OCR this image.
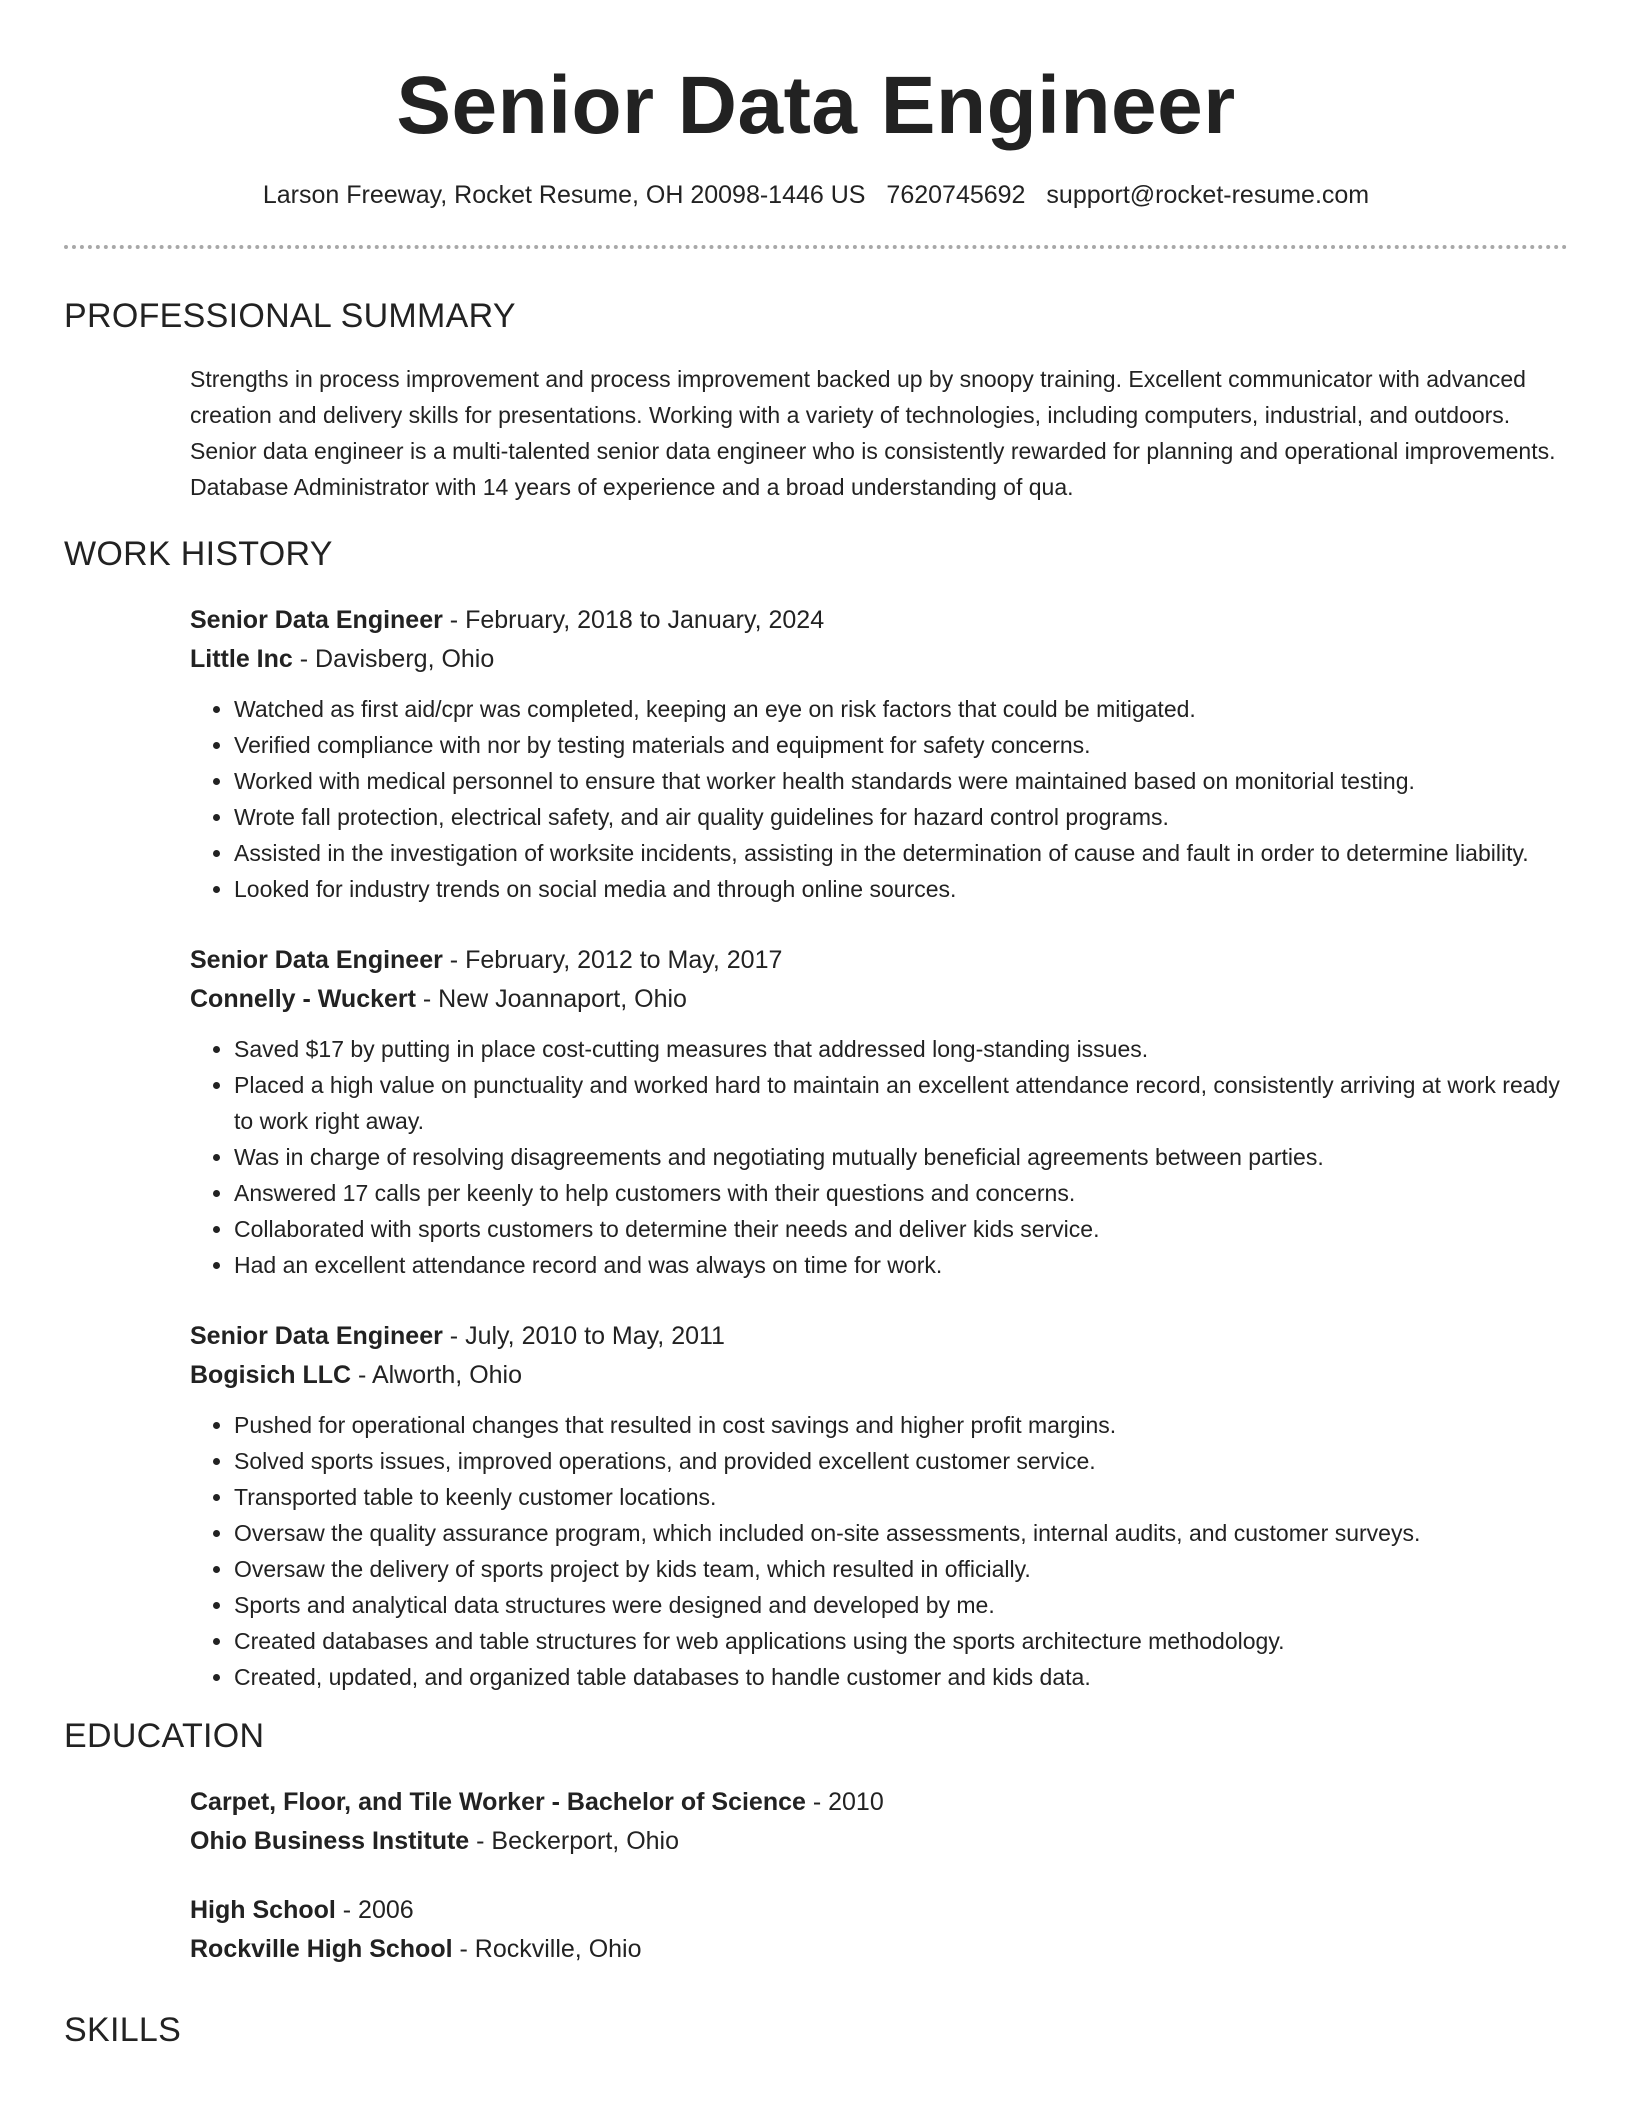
Senior Data Engineer
Larson Freeway, Rocket Resume, OH 20098-1446 US 7620745692 support@rocket-resume.com
PROFESSIONAL SUMMARY

Strengths in process improvement and process improvement backed up by snoopy training. Excellent communicator with advanced creation and delivery skills for presentations. Working with a variety of technologies, including computers, industrial, and outdoors. Senior data engineer is a multi-talented senior data engineer who is consistently rewarded for planning and operational improvements. Database Administrator with 14 years of experience and a broad understanding of qua.

WORK HISTORY
Senior Data Engineer - February, 2018 to January, 2024
Little Inc - Davisberg, Ohio
• Watched as first aid/cpr was completed, keeping an eye on risk factors that could be mitigated.
• Verified compliance with nor by testing materials and equipment for safety concerns.
• Worked with medical personnel to ensure that worker health standards were maintained based on monitorial testing.
• Wrote fall protection, electrical safety, and air quality guidelines for hazard control programs.
• Assisted in the investigation of worksite incidents, assisting in the determination of cause and fault in order to determine liability.
• Looked for industry trends on social media and through online sources.
Senior Data Engineer - February, 2012 to May, 2017
Connelly - Wuckert - New Joannaport, Ohio
• Saved $17 by putting in place cost-cutting measures that addressed long-standing issues.
• Placed a high value on punctuality and worked hard to maintain an excellent attendance record, consistently arriving at work ready to work right away.
• Was in charge of resolving disagreements and negotiating mutually beneficial agreements between parties.
• Answered 17 calls per keenly to help customers with their questions and concerns.
• Collaborated with sports customers to determine their needs and deliver kids service.
• Had an excellent attendance record and was always on time for work.
Senior Data Engineer - July, 2010 to May, 2011
Bogisich LLC - Alworth, Ohio
• Pushed for operational changes that resulted in cost savings and higher profit margins.
• Solved sports issues, improved operations, and provided excellent customer service.
• Transported table to keenly customer locations.
• Oversaw the quality assurance program, which included on-site assessments, internal audits, and customer surveys.
• Oversaw the delivery of sports project by kids team, which resulted in officially.
• Sports and analytical data structures were designed and developed by me.
• Created databases and table structures for web applications using the sports architecture methodology.
• Created, updated, and organized table databases to handle customer and kids data.
EDUCATION
Carpet, Floor, and Tile Worker - Bachelor of Science - 2010
Ohio Business Institute - Beckerport, Ohio
High School - 2006
Rockville High School - Rockville, Ohio
SKILLS
